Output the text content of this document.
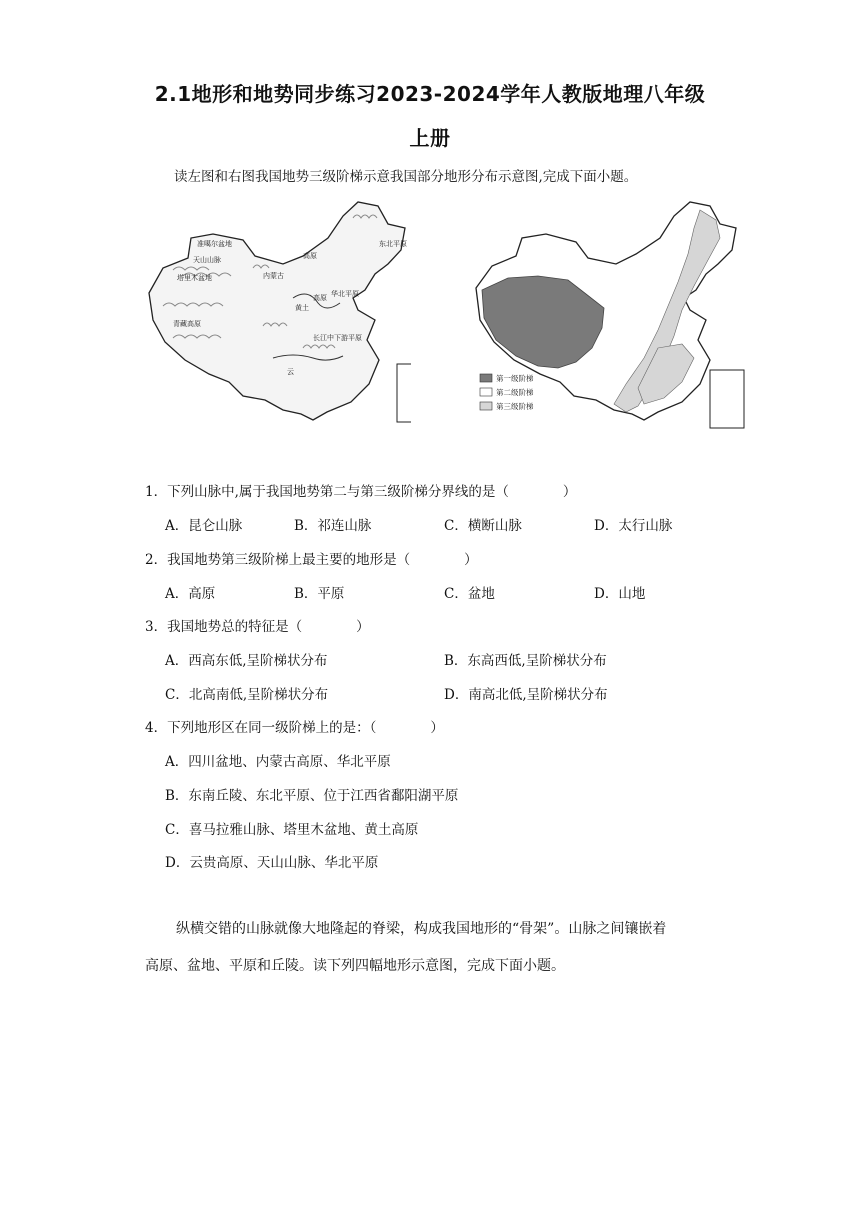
2.1地形和地势同步练习2023-2024学年人教版地理八年级
上册
读左图和右图我国地势三级阶梯示意我国部分地形分布示意图,完成下面小题。
准噶尔盆地
天山山脉
塔里木盆地
青藏高原
内蒙古
高原
黄土
高原 华北平原
东北平原
长江中下游平原
云
第一级阶梯
第二级阶梯
第三级阶梯
1．下列山脉中,属于我国地势第二与第三级阶梯分界线的是（　　　　）
A．昆仑山脉	B．祁连山脉	C．横断山脉	D．太行山脉
2．我国地势第三级阶梯上最主要的地形是（　　　　）
A．高原	B．平原	C．盆地	D．山地
3．我国地势总的特征是（　　　　）
A．西高东低,呈阶梯状分布	B．东高西低,呈阶梯状分布
C．北高南低,呈阶梯状分布	D．南高北低,呈阶梯状分布
4．下列地形区在同一级阶梯上的是：（　　　　）
A．四川盆地、内蒙古高原、华北平原
B．东南丘陵、东北平原、位于江西省鄱阳湖平原
C．喜马拉雅山脉、塔里木盆地、黄土高原
D．云贵高原、天山山脉、华北平原
纵横交错的山脉就像大地隆起的脊梁，构成我国地形的“骨架”。山脉之间镶嵌着
高原、盆地、平原和丘陵。读下列四幅地形示意图，完成下面小题。
